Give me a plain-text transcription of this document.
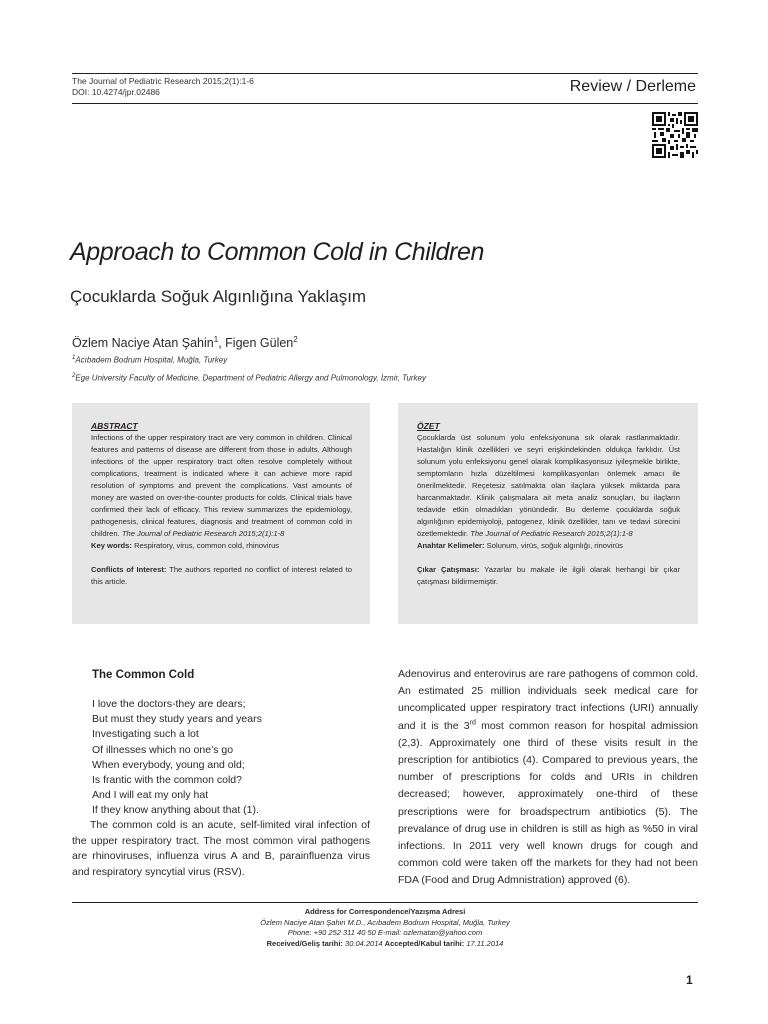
The Journal of Pediatric Research 2015;2(1):1-6
DOI: 10.4274/jpr.02486	Review / Derleme
Approach to Common Cold in Children
Çocuklarda Soğuk Algınlığına Yaklaşım
Özlem Naciye Atan Şahin$^1$, Figen Gülen$^2$
$^1$Acıbadem Bodrum Hospital, Muğla, Turkey
$^2$Ege University Faculty of Medicine, Department of Pediatric Allergy and Pulmonology, İzmir, Turkey
ABSTRACT
Infections of the upper respiratory tract are very common in children. Clinical features and patterns of disease are different from those in adults. Although infections of the upper respiratory tract often resolve completely without complications, treatment is indicated where it can achieve more rapid resolution of symptoms and prevent the complications. Vast amounts of money are wasted on over-the-counter products for colds. Clinical trials have confirmed their lack of efficacy. This review summarizes the epidemiology, pathogenesis, clinical features, diagnosis and treatment of common cold in children. The Journal of Pediatric Research 2015;2(1):1-8
Key words: Respiratory, virus, common cold, rhinovirus
Conflicts of Interest: The authors reported no conflict of interest related to this article.
ÖZET
Çocuklarda üst solunum yolu enfeksiyonuna sık olarak rastlanmaktadır. Hastalığın klinik özellikleri ve seyri erişkindekinden oldukça farklıdır. Üst solunum yolu enfeksiyonu genel olarak komplikasyonsuz iyileşmekle birlikte, semptomların hızla düzeltilmesi komplikasyonları önlemek amacı ile önerilmektedir. Reçetesiz satılmakta olan ilaçlara yüksek miktarda para harcanmaktadır. Klinik çalışmalara ait meta analiz sonuçları, bu ilaçların tedavide etkin olmadıkları yönündedir. Bu derleme çocuklarda soğuk algınlığının epidemiyoloji, patogenez, klinik özellikler, tanı ve tedavi sürecini özetlemektedir. The Journal of Pediatric Research 2015;2(1):1-8
Anahtar Kelimeler: Solunum, virüs, soğuk algınlığı, rinovirüs
Çıkar Çatışması: Yazarlar bu makale ile ilgili olarak herhangi bir çıkar çatışması bildirmemiştir.
The Common Cold
I love the doctors-they are dears;
But must they study years and years
Investigating such a lot
Of illnesses which no one’s go
When everybody, young and old;
Is frantic with the common cold?
And I will eat my only hat
If they know anything about that (1).
The common cold is an acute, self-limited viral infection of the upper respiratory tract. The most common viral pathogens are rhinoviruses, influenza virus A and B, parainfluenza virus and respiratory syncytial virus (RSV).
Adenovirus and enterovirus are rare pathogens of common cold. An estimated 25 million individuals seek medical care for uncomplicated upper respiratory tract infections (URI) annually and it is the 3rd most common reason for hospital admission (2,3). Approximately one third of these visits result in the prescription for antibiotics (4). Compared to previous years, the number of prescriptions for colds and URIs in children decreased; however, approximately one-third of these prescriptions were for broadspectrum antibiotics (5). The prevalance of drug use in children is still as high as %50 in viral infections. In 2011 very well known drugs for cough and common cold were taken off the markets for they had not been FDA (Food and Drug Admnistration) approved (6).
Address for Correspondence/Yazışma Adresi
Özlem Naciye Atan Şahin M.D., Acıbadem Bodrum Hospital, Muğla, Turkey
Phone: +90 252 311 40 50 E-mail: ozlematan@yahoo.com
Received/Geliş tarihi: 30.04.2014 Accepted/Kabul tarihi: 17.11.2014
1
